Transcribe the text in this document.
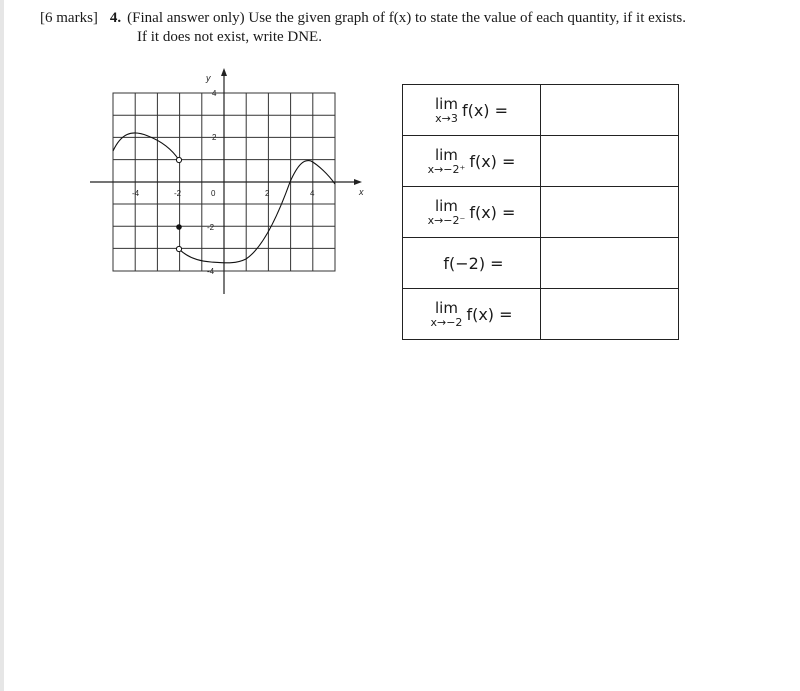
[6 marks] 4. (Final answer only) Use the given graph of f(x) to state the value of each quantity, if it exists.
If it does not exist, write DNE.
x
y
-4	-2	0	2	4
4
2
-2
-4
lim
x→3 f(x) =	

lim
x→−2⁺ f(x) =	

lim
x→−2⁻ f(x) =	

f(−2) =	

lim
x→−2 f(x) =	
